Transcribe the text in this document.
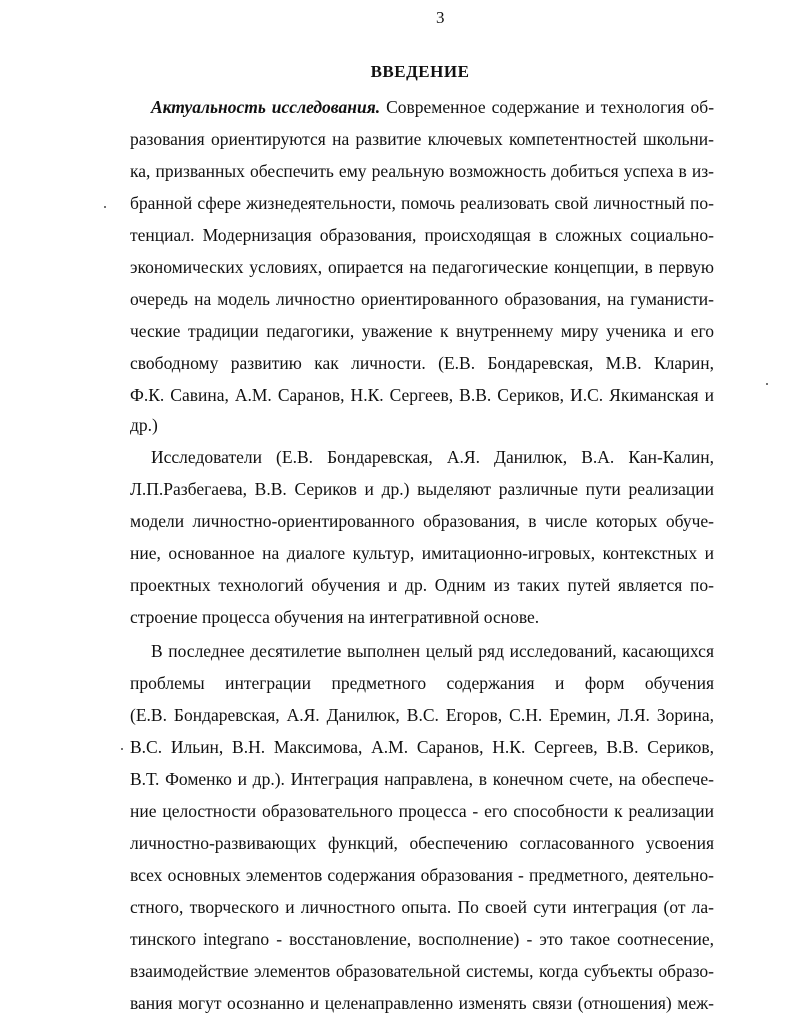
3
ВВЕДЕНИЕ
Актуальность исследования. Современное содержание и технология об-
разования ориентируются на развитие ключевых компетентностей школьни-
ка, призванных обеспечить ему реальную возможность добиться успеха в из-
бранной сфере жизнедеятельности, помочь реализовать свой личностный по-
тенциал. Модернизация образования, происходящая в сложных социально-
экономических условиях, опирается на педагогические концепции, в первую
очередь на модель личностно ориентированного образования, на гуманисти-
ческие традиции педагогики, уважение к внутреннему миру ученика и его
свободному развитию как личности. (Е.В. Бондаревская, М.В. Кларин,
Ф.К. Савина, А.М. Саранов, Н.К. Сергеев, В.В. Сериков, И.С. Якиманская и
др.)
Исследователи (Е.В. Бондаревская, А.Я. Данилюк, В.А. Кан-Калин,
Л.П.Разбегаева, В.В. Сериков и др.) выделяют различные пути реализации
модели личностно-ориентированного образования, в числе которых обуче-
ние, основанное на диалоге культур, имитационно-игровых, контекстных и
проектных технологий обучения и др. Одним из таких путей является по-
строение процесса обучения на интегративной основе.
В последнее десятилетие выполнен целый ряд исследований, касающихся
проблемы интеграции предметного содержания и форм обучения
(Е.В. Бондаревская, А.Я. Данилюк, В.С. Егоров, С.Н. Еремин, Л.Я. Зорина,
В.С. Ильин, В.Н. Максимова, А.М. Саранов, Н.К. Сергеев, В.В. Сериков,
В.Т. Фоменко и др.). Интеграция направлена, в конечном счете, на обеспече-
ние целостности образовательного процесса - его способности к реализации
личностно-развивающих функций, обеспечению согласованного усвоения
всех основных элементов содержания образования - предметного, деятельно-
стного, творческого и личностного опыта. По своей сути интеграция (от ла-
тинского integrano - восстановление, восполнение) - это такое соотнесение,
взаимодействие элементов образовательной системы, когда субъекты образо-
вания могут осознанно и целенаправленно изменять связи (отношения) меж-
